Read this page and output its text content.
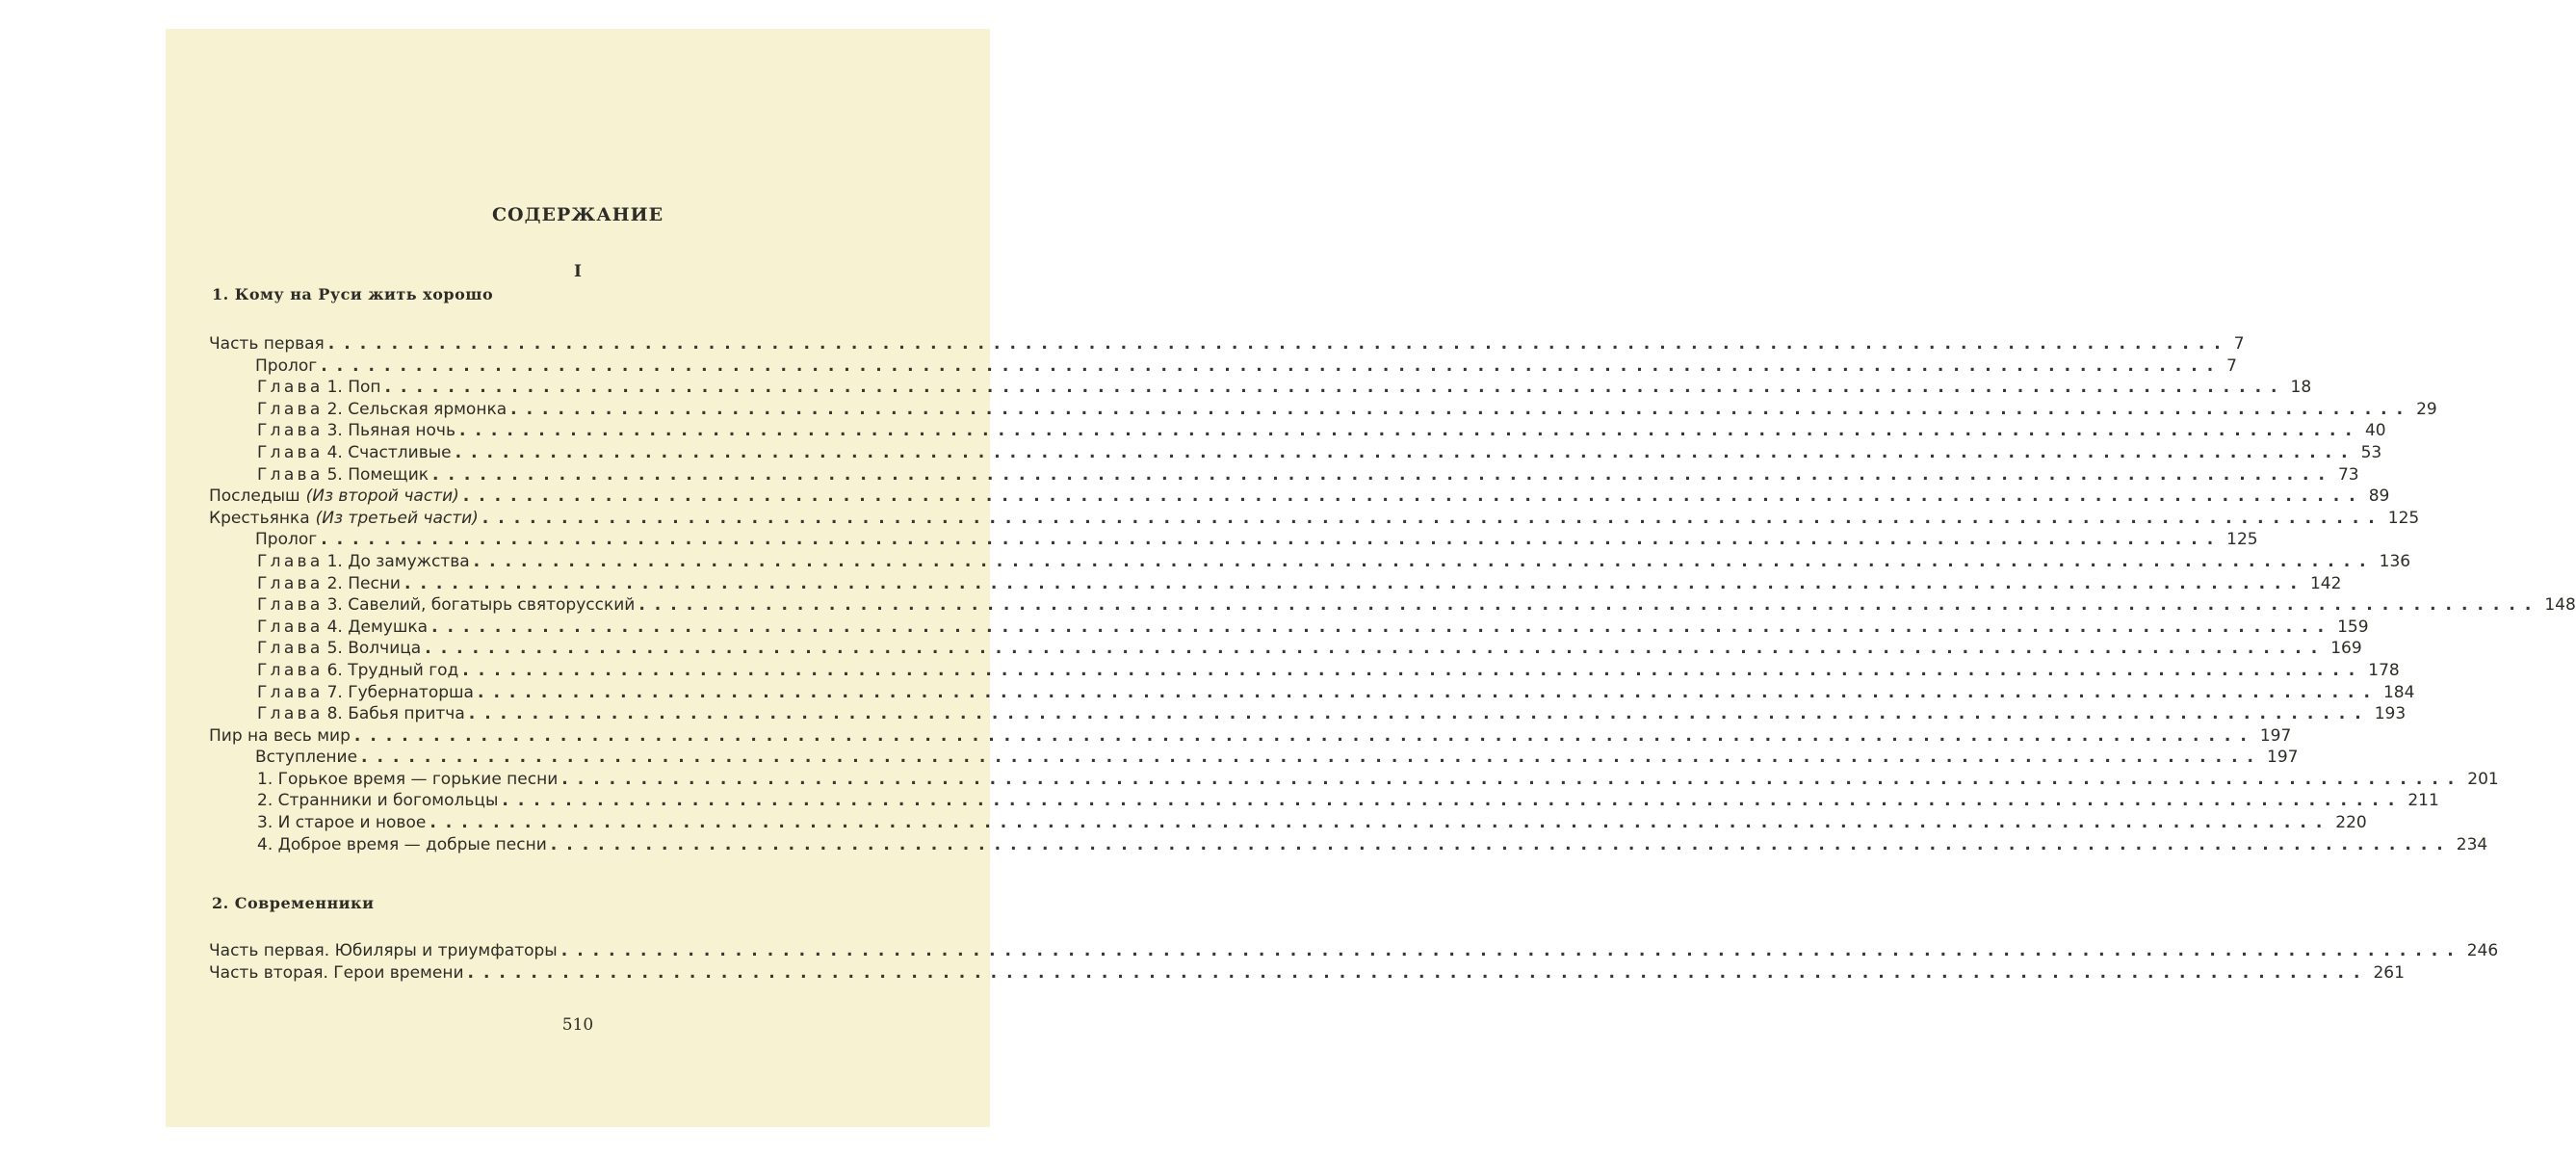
СОДЕРЖАНИЕ
I
1. Кому на Руси жить хорошо
Часть первая ........................................................................................................................ 7
Пролог ........................................................................................................................ 7
Глава 1. Поп ........................................................................................................................ 18
Глава 2. Сельская ярмонка ........................................................................................................................ 29
Глава 3. Пьяная ночь ........................................................................................................................ 40
Глава 4. Счастливые ........................................................................................................................ 53
Глава 5. Помещик ........................................................................................................................ 73
Последыш (Из второй части) ........................................................................................................................ 89
Крестьянка (Из третьей части) ........................................................................................................................ 125
Пролог ........................................................................................................................ 125
Глава 1. До замужства ........................................................................................................................ 136
Глава 2. Песни ........................................................................................................................ 142
Глава 3. Савелий, богатырь святорусский ........................................................................................................................ 148
Глава 4. Демушка ........................................................................................................................ 159
Глава 5. Волчица ........................................................................................................................ 169
Глава 6. Трудный год ........................................................................................................................ 178
Глава 7. Губернаторша ........................................................................................................................ 184
Глава 8. Бабья притча ........................................................................................................................ 193
Пир на весь мир ........................................................................................................................ 197
Вступление ........................................................................................................................ 197
1. Горькое время — горькие песни ........................................................................................................................ 201
2. Странники и богомольцы ........................................................................................................................ 211
3. И старое и новое ........................................................................................................................ 220
4. Доброе время — добрые песни ........................................................................................................................ 234
2. Современники
Часть первая. Юбиляры и триумфаторы ........................................................................................................................ 246
Часть вторая. Герои времени ........................................................................................................................ 261
510
